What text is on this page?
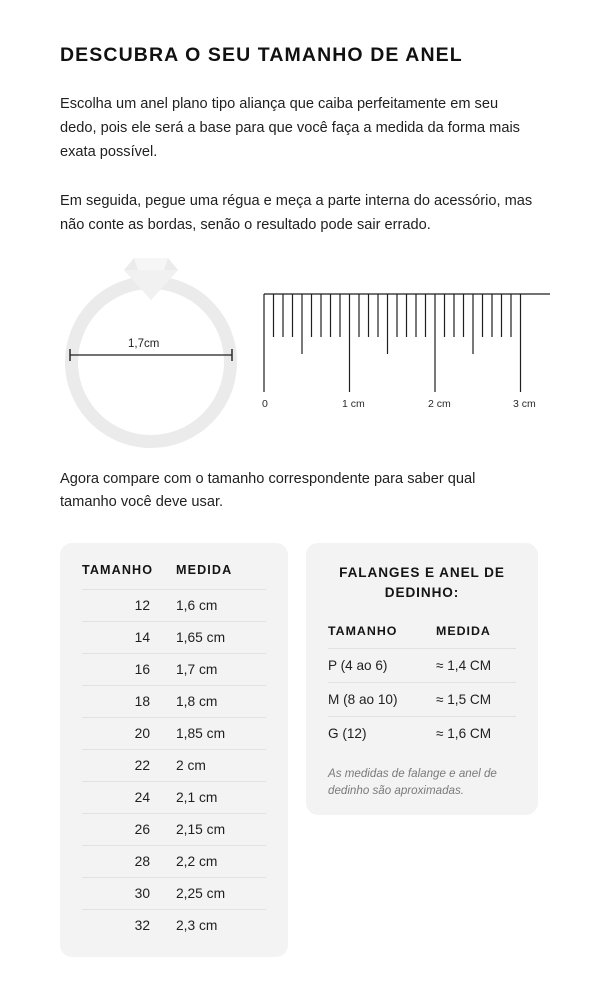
DESCUBRA O SEU TAMANHO DE ANEL

Escolha um anel plano tipo aliança que caiba perfeitamente em seu dedo, pois ele será a base para que você faça a medida da forma mais exata possível.

Em seguida, pegue uma régua e meça a parte interna do acessório, mas não conte as bordas, senão o resultado pode sair errado.

1,7cm
0	1 cm	2 cm	3 cm

Agora compare com o tamanho correspondente para saber qual tamanho você deve usar.

TAMANHO	MEDIDA
12	1,6 cm
14	1,65 cm
16	1,7 cm
18	1,8 cm
20	1,85 cm
22	2 cm
24	2,1 cm
26	2,15 cm
28	2,2 cm
30	2,25 cm
32	2,3 cm
FALANGES E ANEL DE DEDINHO:
TAMANHO	MEDIDA
P (4 ao 6)	≈ 1,4 CM
M (8 ao 10)	≈ 1,5 CM
G (12)	≈ 1,6 CM
As medidas de falange e anel de dedinho são aproximadas.
